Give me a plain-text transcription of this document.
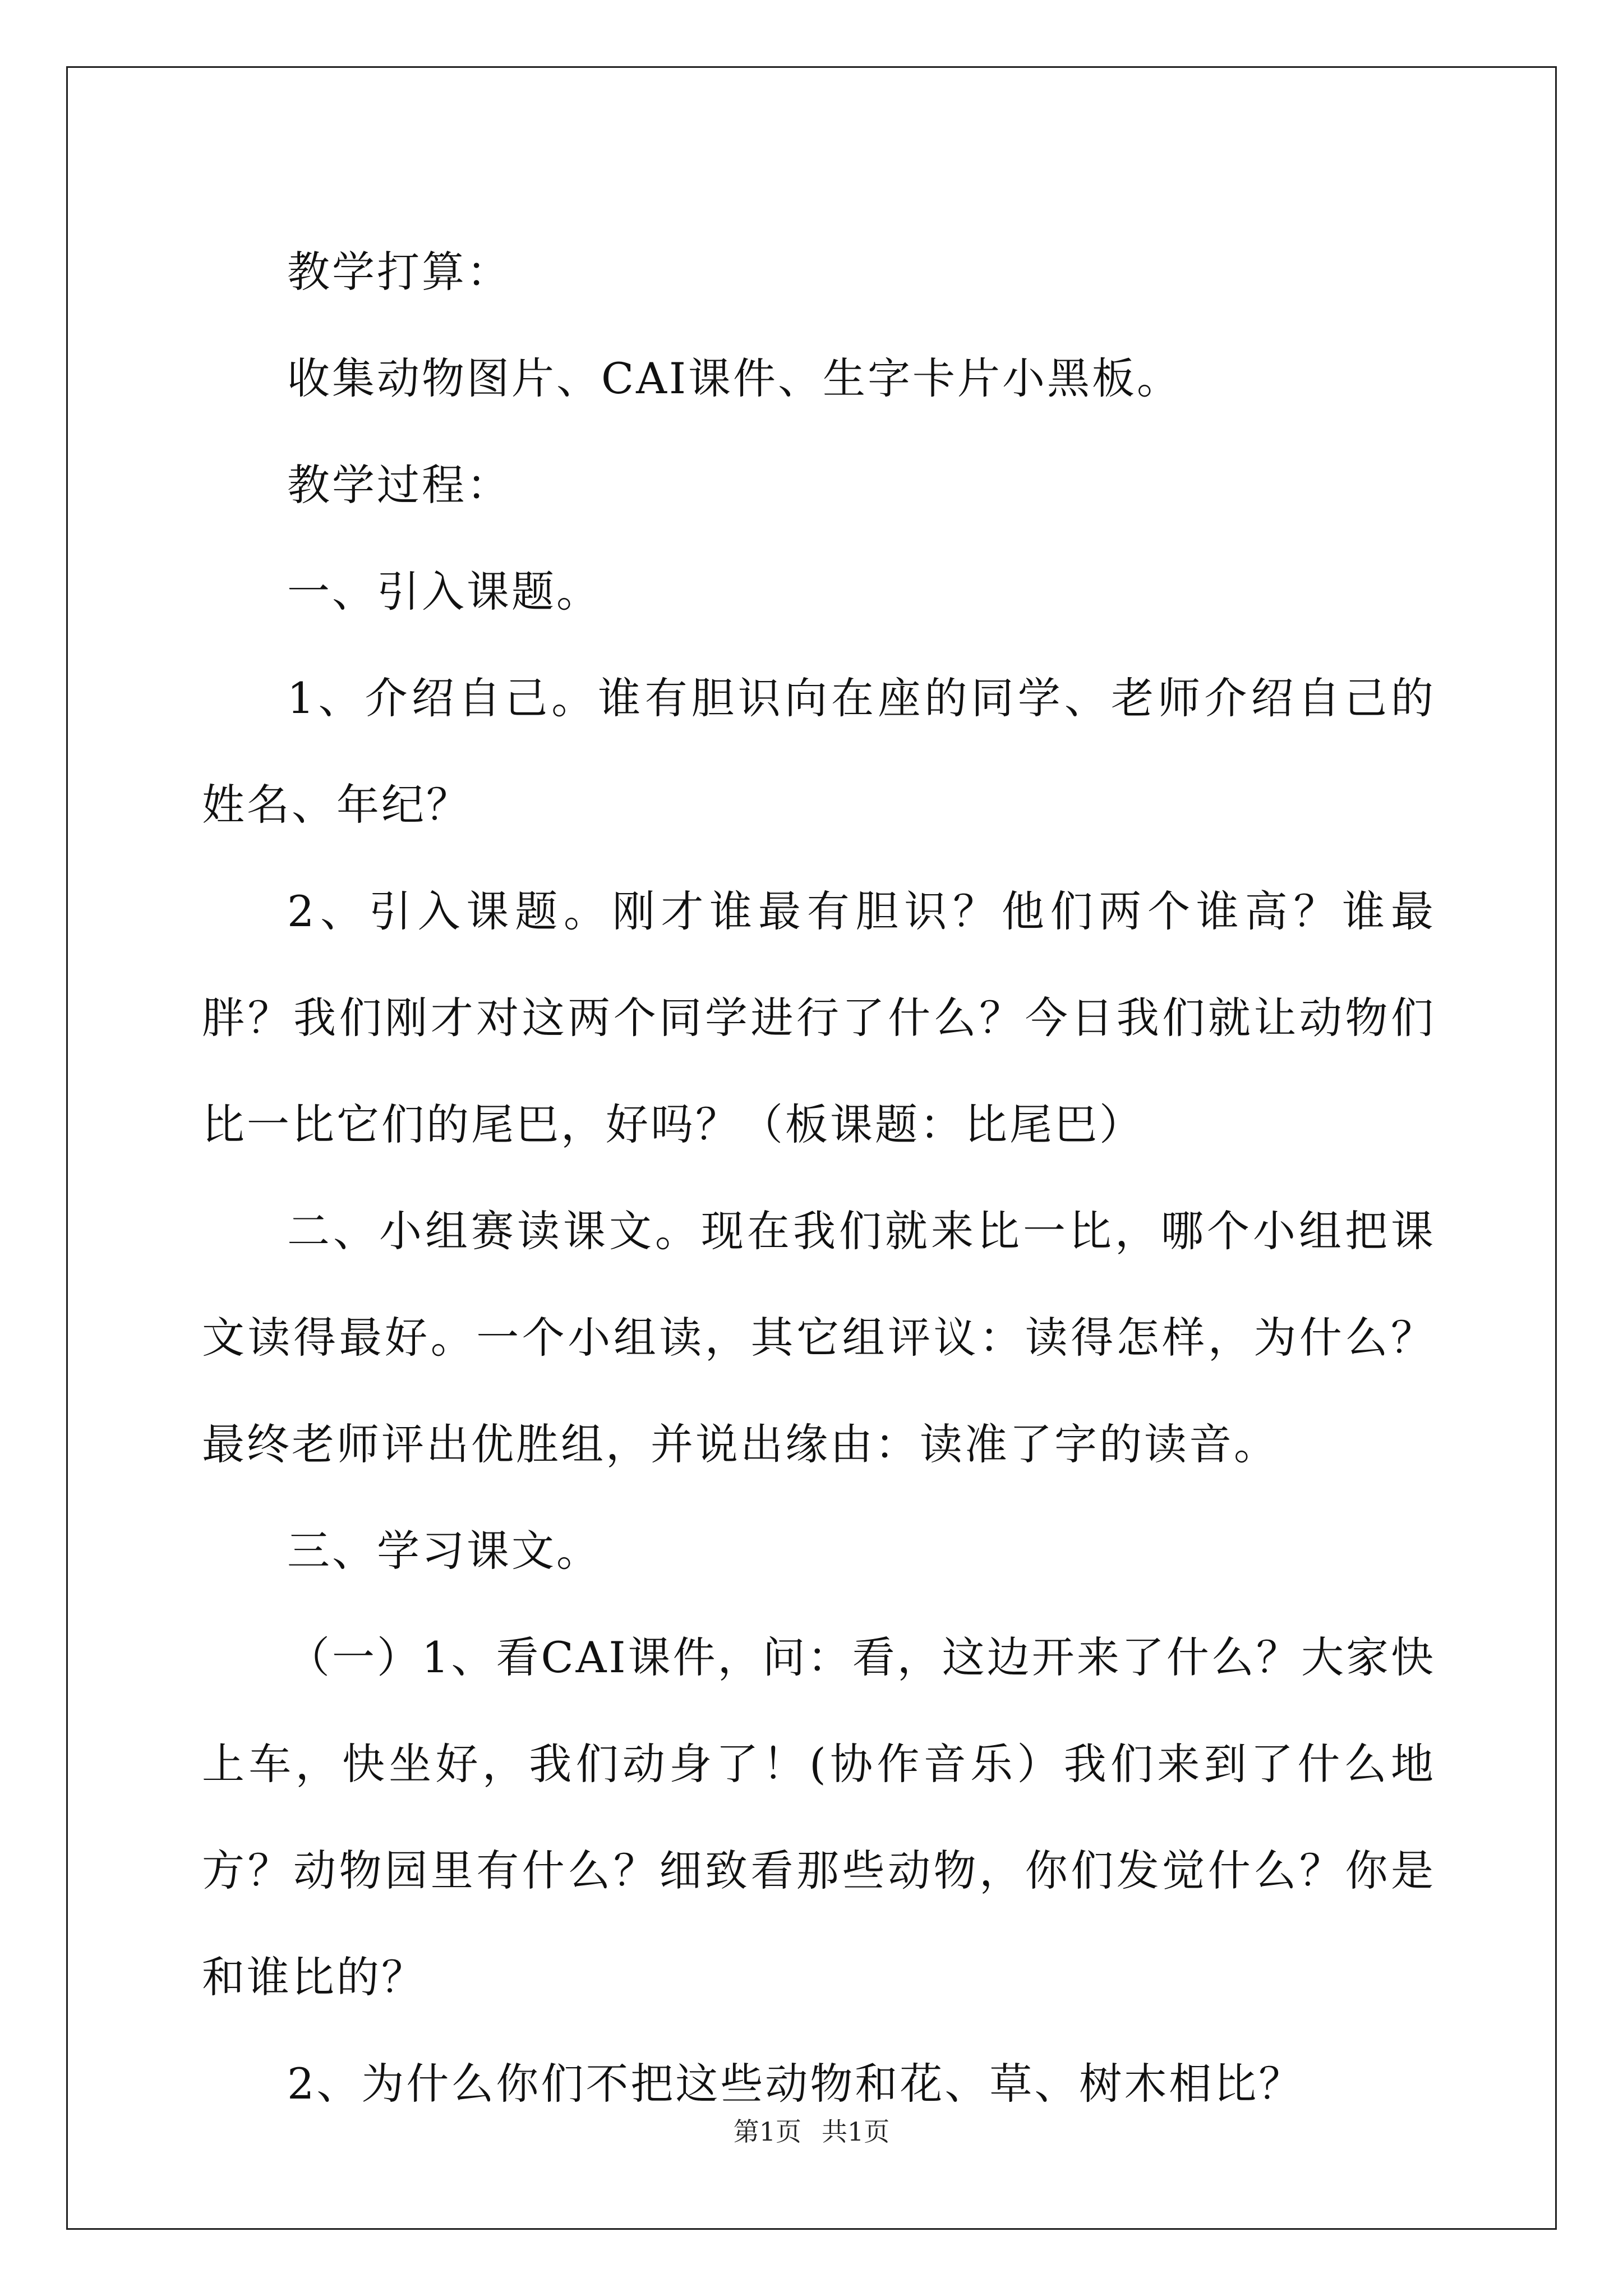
教学打算：

收集动物图片、CAI课件、生字卡片小黑板。

教学过程：

一、引入课题。

1、介绍自己。谁有胆识向在座的同学、老师介绍自己的姓名、年纪？

2、引入课题。刚才谁最有胆识？他们两个谁高？谁最胖？我们刚才对这两个同学进行了什么？今日我们就让动物们比一比它们的尾巴，好吗？（板课题：比尾巴）

二、小组赛读课文。现在我们就来比一比，哪个小组把课文读得最好。一个小组读，其它组评议：读得怎样，为什么？最终老师评出优胜组，并说出缘由：读准了字的读音。

三、学习课文。

（一）1、看CAI课件，问：看，这边开来了什么？大家快上车，快坐好，我们动身了！(协作音乐）我们来到了什么地方？动物园里有什么？细致看那些动物，你们发觉什么？你是和谁比的？

2、为什么你们不把这些动物和花、草、树木相比？

第1页 共1页
